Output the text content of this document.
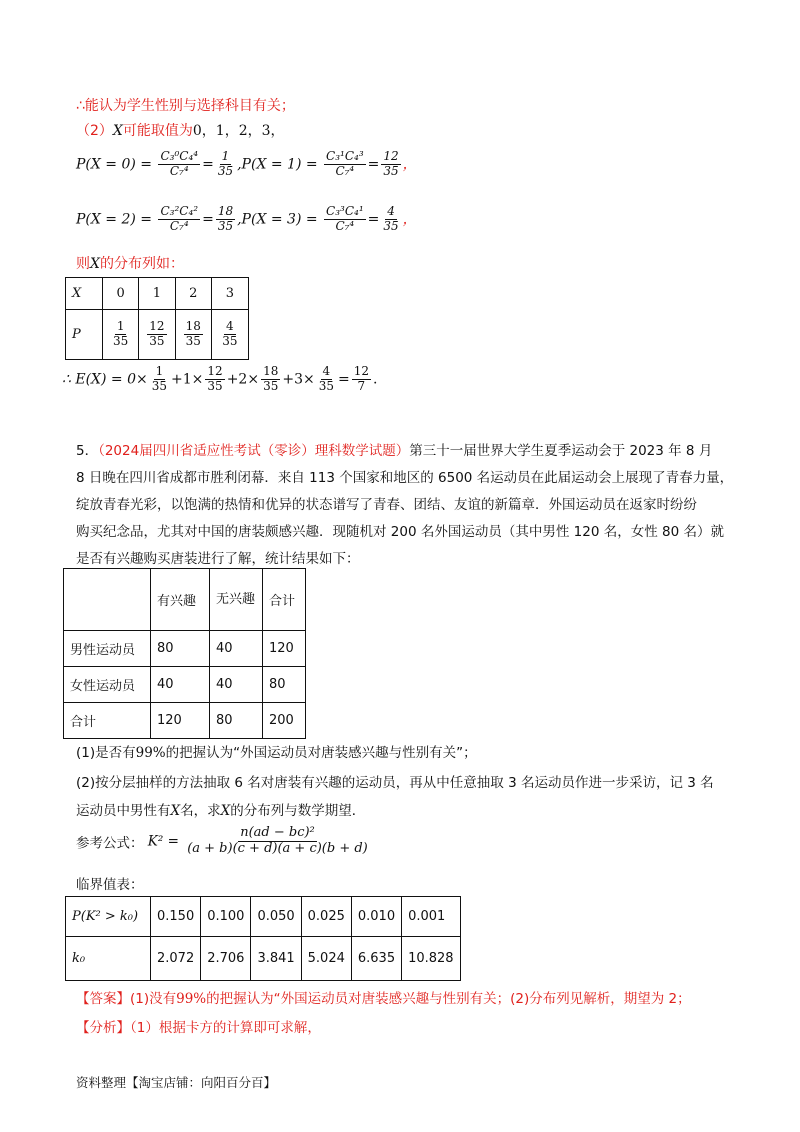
∴能认为学生性别与选择科目有关；
（2）X可能取值为0，1，2，3，
$P(X = 0) = \frac{\text{C₃⁰C₄⁴}}{\text{C₇⁴}} = \frac{1}{35} ,P(X = 1) = \frac{\text{C₃¹C₄³}}{\text{C₇⁴}} = \frac{12}{35}$ ，
$P(X = 2) = \frac{\text{C₃²C₄²}}{\text{C₇⁴}} = \frac{18}{35} ,P(X = 3) = \frac{\text{C₃³C₄¹}}{\text{C₇⁴}} = \frac{4}{35}$ ，
则X的分布列如：
X	0	1	2	3
P	$\frac{1}{35}$	$\frac{12}{35}$	$\frac{18}{35}$	$\frac{4}{35}$
∴ $E(X) = 0\times \frac{1}{35} +1\times \frac{12}{35} +2\times \frac{18}{35} +3\times \frac{4}{35} = \frac{12}{7}$ .
5．（2024届四川省适应性考试（零诊）理科数学试题）第三十一届世界大学生夏季运动会于 2023 年 8 月
8 日晚在四川省成都市胜利闭幕．来自 113 个国家和地区的 6500 名运动员在此届运动会上展现了青春力量，
绽放青春光彩，以饱满的热情和优异的状态谱写了青春、团结、友谊的新篇章．外国运动员在返家时纷纷
购买纪念品，尤其对中国的唐装颇感兴趣．现随机对 200 名外国运动员（其中男性 120 名，女性 80 名）就
是否有兴趣购买唐装进行了解，统计结果如下：
	有兴趣	无兴趣	合计
男性运动员	80	40	120
女性运动员	40	40	80
合计	120	80	200
(1)是否有99%的把握认为“外国运动员对唐装感兴趣与性别有关”；
(2)按分层抽样的方法抽取 6 名对唐装有兴趣的运动员，再从中任意抽取 3 名运动员作进一步采访，记 3 名
运动员中男性有X名，求X的分布列与数学期望．
参考公式： $K^2 = \frac{\text{n(ad − bc)²}}{(a + b)(c + d)(a + c)(b + d)}$
临界值表：
P(K² > k₀)	0.150	0.100	0.050	0.025	0.010	0.001
k₀	2.072	2.706	3.841	5.024	6.635	10.828
【答案】(1)没有99%的把握认为“外国运动员对唐装感兴趣与性别有关；(2)分布列见解析，期望为 2；
【分析】（1）根据卡方的计算即可求解，
资料整理【淘宝店铺：向阳百分百】
